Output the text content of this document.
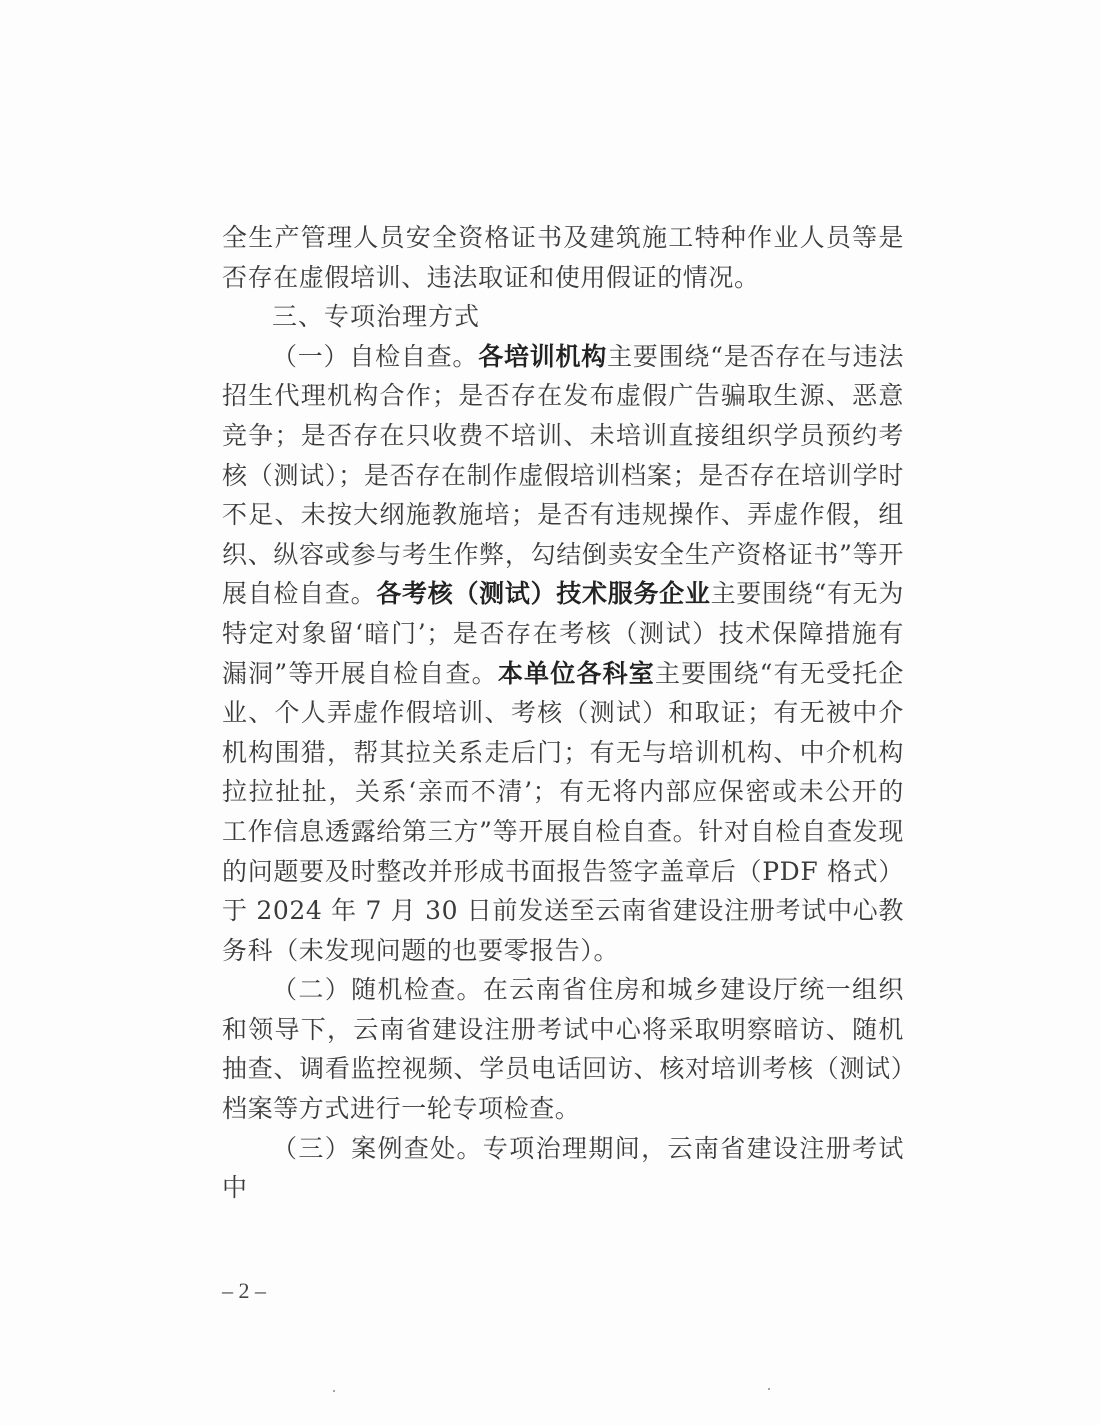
全生产管理人员安全资格证书及建筑施工特种作业人员等是否存在虚假培训、违法取证和使用假证的情况。

三、专项治理方式

（一）自检自查。各培训机构主要围绕“是否存在与违法招生代理机构合作；是否存在发布虚假广告骗取生源、恶意竞争；是否存在只收费不培训、未培训直接组织学员预约考核（测试）；是否存在制作虚假培训档案；是否存在培训学时不足、未按大纲施教施培；是否有违规操作、弄虚作假，组织、纵容或参与考生作弊，勾结倒卖安全生产资格证书”等开展自检自查。各考核（测试）技术服务企业主要围绕“有无为特定对象留‘暗门’；是否存在考核（测试）技术保障措施有漏洞”等开展自检自查。本单位各科室主要围绕“有无受托企业、个人弄虚作假培训、考核（测试）和取证；有无被中介机构围猎，帮其拉关系走后门；有无与培训机构、中介机构拉拉扯扯，关系‘亲而不清’；有无将内部应保密或未公开的工作信息透露给第三方”等开展自检自查。针对自检自查发现的问题要及时整改并形成书面报告签字盖章后（PDF 格式）于 2024 年 7 月 30 日前发送至云南省建设注册考试中心教务科（未发现问题的也要零报告）。

（二）随机检查。在云南省住房和城乡建设厅统一组织和领导下，云南省建设注册考试中心将采取明察暗访、随机抽查、调看监控视频、学员电话回访、核对培训考核（测试）档案等方式进行一轮专项检查。

（三）案例查处。专项治理期间，云南省建设注册考试中

– 2 –
